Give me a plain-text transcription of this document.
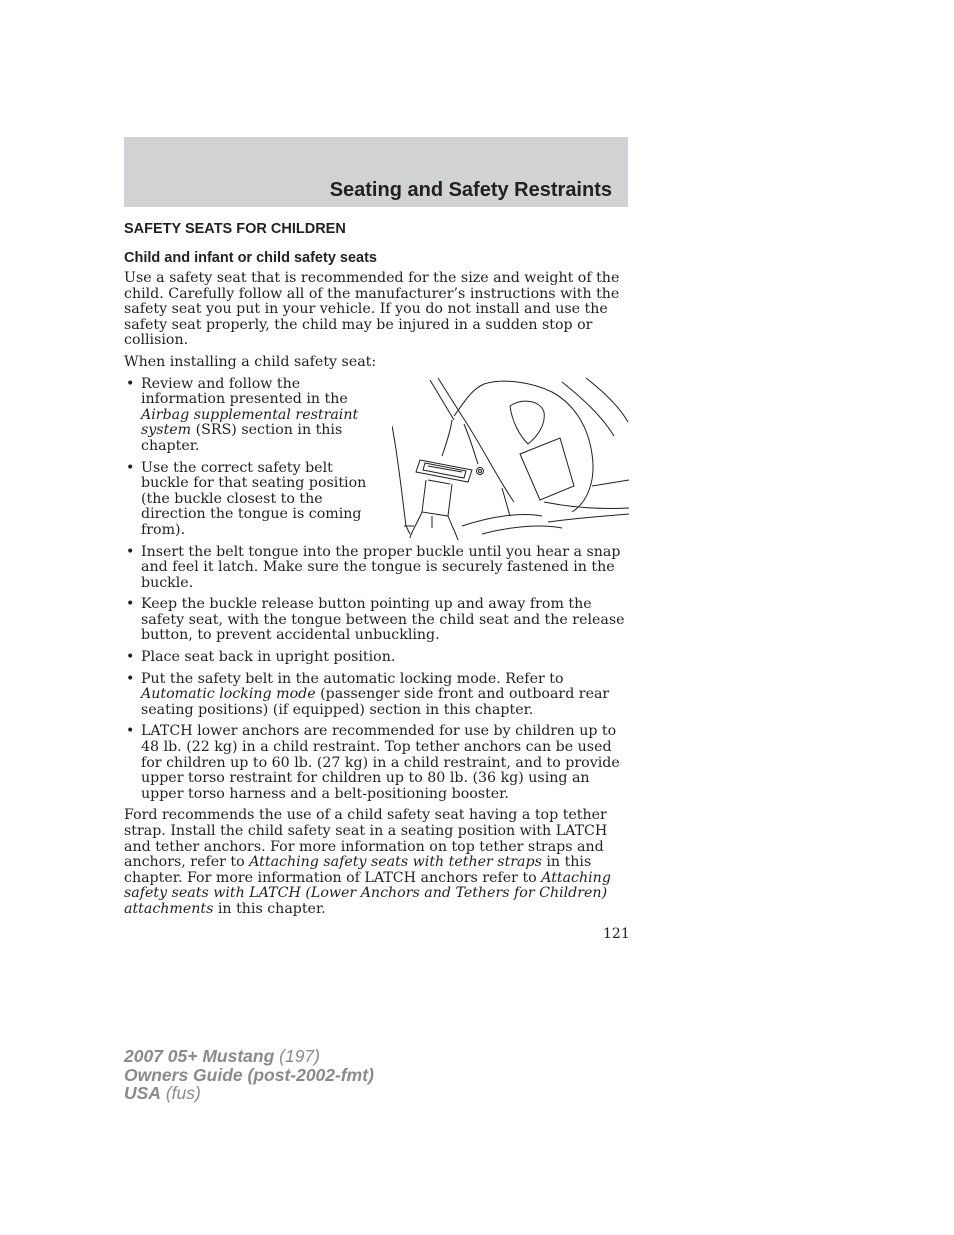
Seating and Safety Restraints
SAFETY SEATS FOR CHILDREN
Child and infant or child safety seats

Use a safety seat that is recommended for the size and weight of the child. Carefully follow all of the manufacturer’s instructions with the safety seat you put in your vehicle. If you do not install and use the safety seat properly, the child may be injured in a sudden stop or collision.

When installing a child safety seat:

• Review and follow the information presented in the Airbag supplemental restraint system (SRS) section in this chapter.
• Use the correct safety belt buckle for that seating position (the buckle closest to the direction the tongue is coming from).
• Insert the belt tongue into the proper buckle until you hear a snap and feel it latch. Make sure the tongue is securely fastened in the buckle.
• Keep the buckle release button pointing up and away from the safety seat, with the tongue between the child seat and the release button, to prevent accidental unbuckling.
• Place seat back in upright position.
• Put the safety belt in the automatic locking mode. Refer to Automatic locking mode (passenger side front and outboard rear seating positions) (if equipped) section in this chapter.
• LATCH lower anchors are recommended for use by children up to 48 lb. (22 kg) in a child restraint. Top tether anchors can be used for children up to 60 lb. (27 kg) in a child restraint, and to provide upper torso restraint for children up to 80 lb. (36 kg) using an upper torso harness and a belt-positioning booster.

Ford recommends the use of a child safety seat having a top tether strap. Install the child safety seat in a seating position with LATCH and tether anchors. For more information on top tether straps and anchors, refer to Attaching safety seats with tether straps in this chapter. For more information of LATCH anchors refer to Attaching safety seats with LATCH (Lower Anchors and Tethers for Children) attachments in this chapter.

121
2007 05+ Mustang (197)
Owners Guide (post-2002-fmt)
USA (fus)
